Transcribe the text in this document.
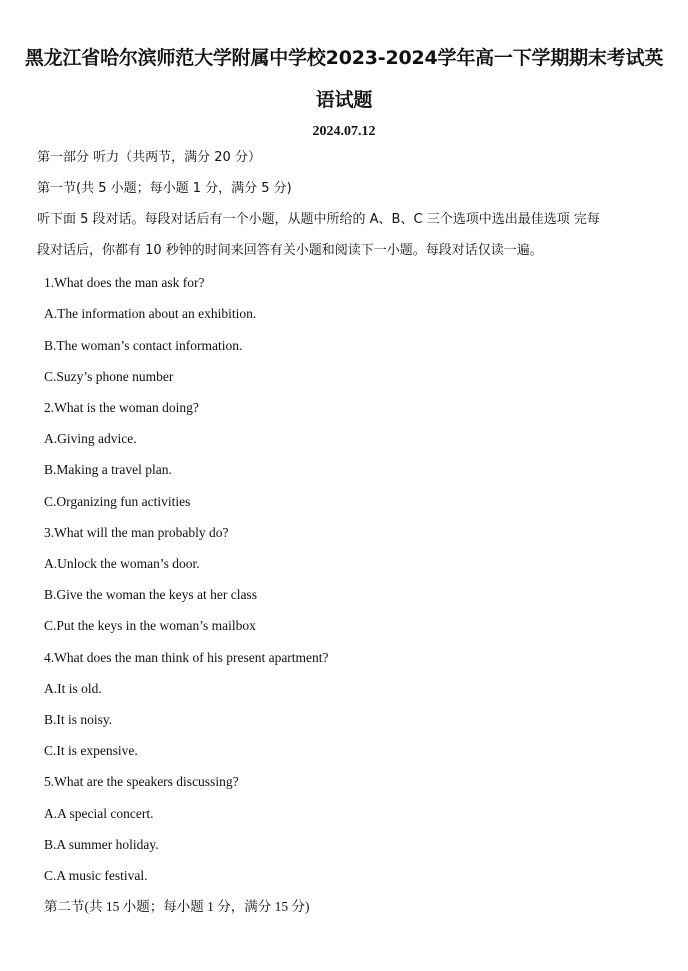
黑龙江省哈尔滨师范大学附属中学校2023-2024学年高一下学期期末考试英
语试题
2024.07.12
第一部分 听力（共两节，满分 20 分）
第一节(共 5 小题；每小题 1 分，满分 5 分)
听下面 5 段对话。每段对话后有一个小题，从题中所给的 A、B、C 三个选项中选出最佳选项 完每
段对话后，你都有 10 秒钟的时间来回答有关小题和阅读下一小题。每段对话仅读一遍。
1.What does the man ask for?
A.The information about an exhibition.
B.The woman’s contact information.
C.Suzy’s phone number
2.What is the woman doing?
A.Giving advice.
B.Making a travel plan.
C.Organizing fun activities
3.What will the man probably do?
A.Unlock the woman’s door.
B.Give the woman the keys at her class
C.Put the keys in the woman’s mailbox
4.What does the man think of his present apartment?
A.It is old.
B.It is noisy.
C.It is expensive.
5.What are the speakers discussing?
A.A special concert.
B.A summer holiday.
C.A music festival.
第二节(共 15 小题；每小题 1 分，满分 15 分)
